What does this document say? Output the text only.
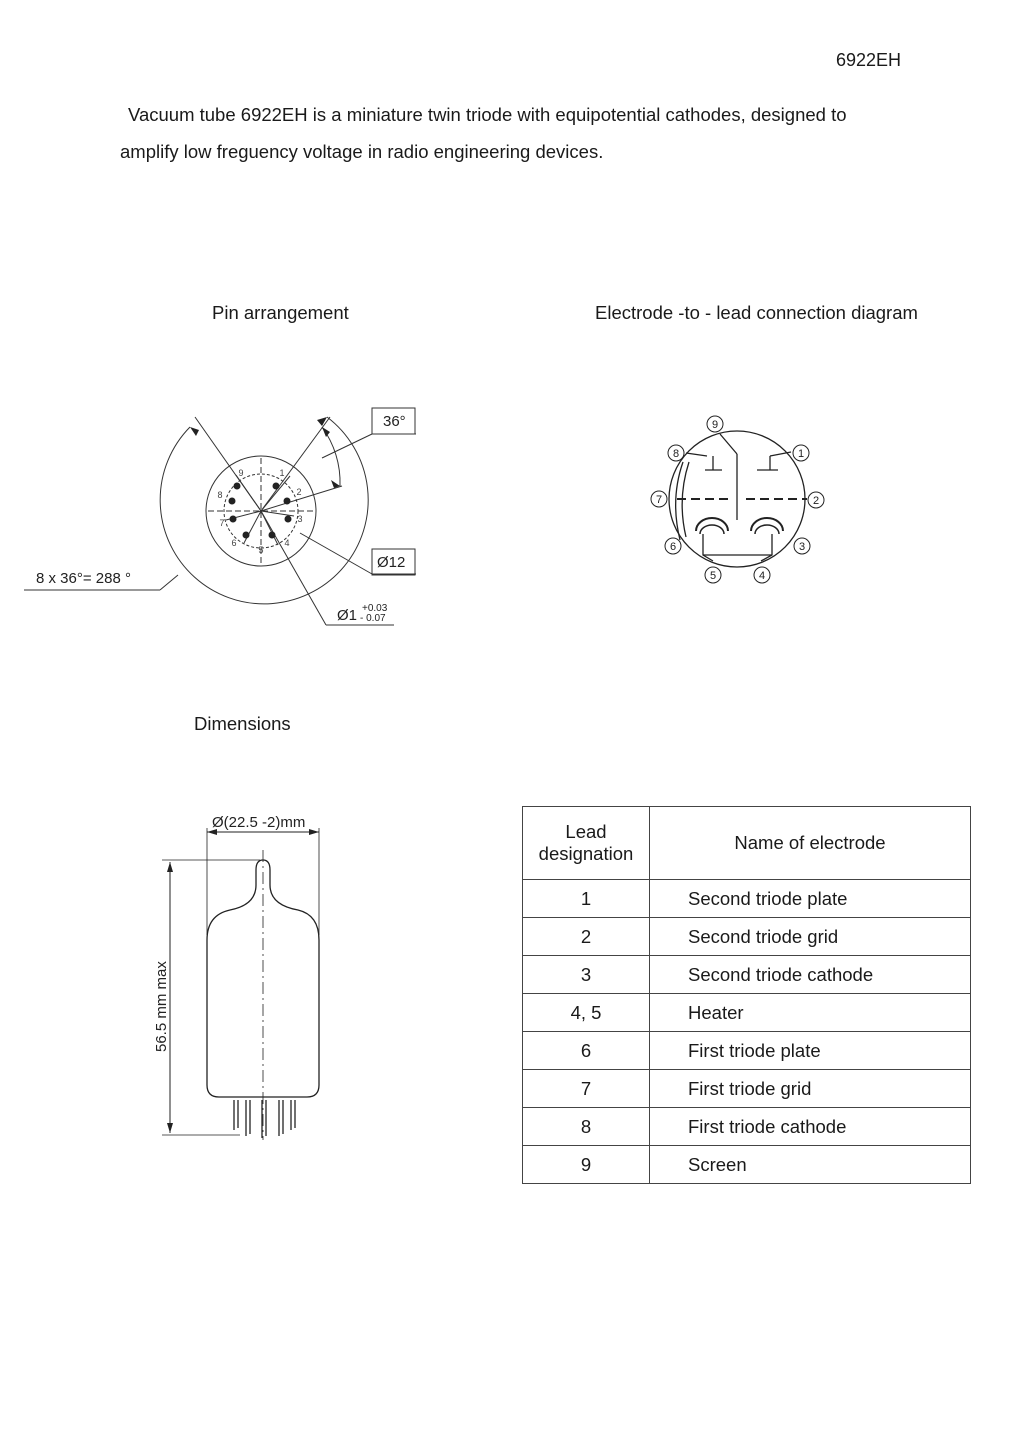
6922EH
Vacuum tube 6922EH is a miniature twin triode with equipotential cathodes, designed to
amplify low freguency voltage in radio engineering devices.
Pin arrangement	Electrode -to - lead connection diagram
Dimensions
9	1
2
3
4
5
6
7
8
36°
Ø12
Ø1
8 x 36°= 288 °
+0.03
- 0.07
9
1
2
3
4
5
6
7
8
Ø(22.5 -2)mm
56.5 mm max
Lead designation	Name of electrode
1	Second triode plate
2	Second triode grid
3	Second triode cathode
4, 5	Heater
6	First triode plate
7	First triode grid
8	First triode cathode
9	Screen
